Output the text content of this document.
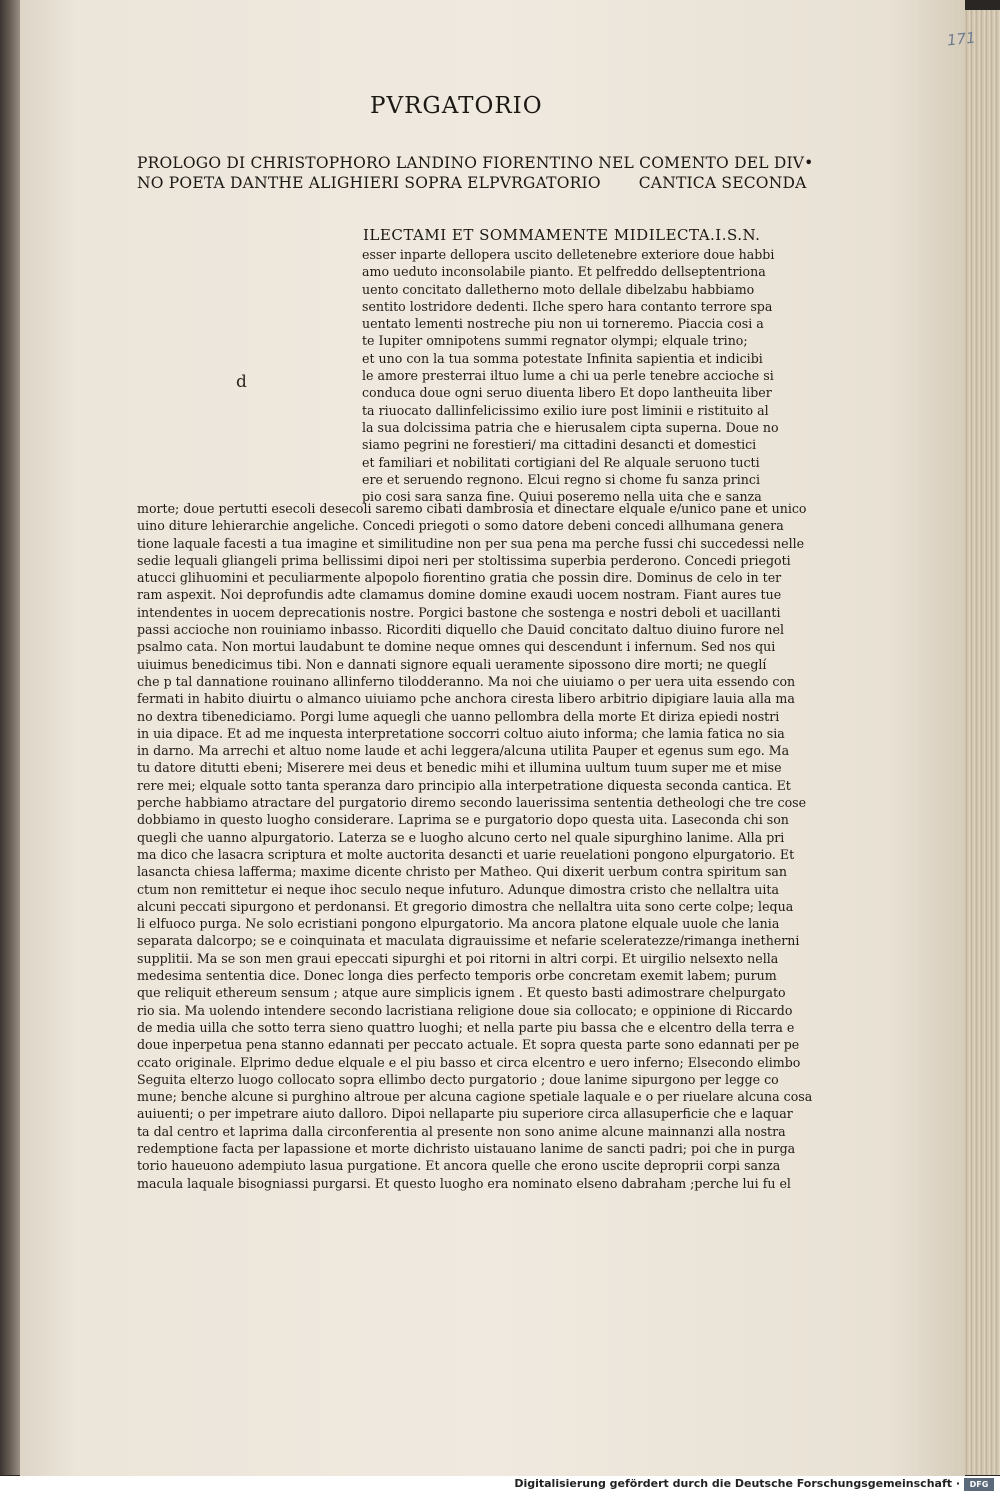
171
PVRGATORIO
PROLOGO DI CHRISTOPHORO LANDINO FIORENTINO NEL COMENTO DEL DIV•
NO POETA DANTHE ALIGHIERI SOPRA ELPVRGATORIO CANTICA SECONDA
d

ILECTAMI ET SOMMAMENTE MIDILECTA.I.S.N.

esser inparte dellopera uscito delletenebre exteriore doue habbi
amo ueduto inconsolabile pianto. Et pelfreddo dellseptentriona
uento concitato dalletherno moto dellale dibelzabu habbiamo
sentito lostridore dedenti. Ilche spero hara contanto terrore spa
uentato lementi nostreche piu non ui torneremo. Piaccia cosi a
te Iupiter omnipotens summi regnator olympi; elquale trino;
et uno con la tua somma potestate Infinita sapientia et indicibi
le amore presterrai iltuo lume a chi ua perle tenebre accioche si
conduca doue ogni seruo diuenta libero Et dopo lantheuita liber
ta riuocato dallinfelicissimo exilio iure post liminii e ristituito al
la sua dolcissima patria che e hierusalem cipta superna. Doue no
siamo pegrini ne forestieri/ ma cittadini desancti et domestici
et familiari et nobilitati cortigiani del Re alquale seruono tucti
ere et seruendo regnono. Elcui regno si chome fu sanza princi
pio cosi sara sanza fine. Quiui poseremo nella uita che e sanza
morte; doue pertutti esecoli desecoli saremo cibati dambrosia et dinectare elquale e/unico pane et unico
uino diture lehierarchie angeliche. Concedi priegoti o somo datore debeni concedi allhumana genera
tione laquale facesti a tua imagine et similitudine non per sua pena ma perche fussi chi succedessi nelle
sedie lequali gliangeli prima bellissimi dipoi neri per stoltissima superbia perderono. Concedi priegoti
atucci glihuomini et peculiarmente alpopolo fiorentino gratia che possin dire. Dominus de celo in ter
ram aspexit. Noi deprofundis adte clamamus domine domine exaudi uocem nostram. Fiant aures tue
intendentes in uocem deprecationis nostre. Porgici bastone che sostenga e nostri deboli et uacillanti
passi accioche non rouiniamo inbasso. Ricorditi diquello che Dauid concitato daltuo diuino furore nel
psalmo cata. Non mortui laudabunt te domine neque omnes qui descendunt i infernum. Sed nos qui
uiuimus benedicimus tibi. Non e dannati signore equali ueramente sipossono dire morti; ne queglí
che p tal dannatione rouinano allinferno tilodderanno. Ma noi che uiuiamo o per uera uita essendo con
fermati in habito diuirtu o almanco uiuiamo pche anchora ciresta libero arbitrio dipigiare lauia alla ma
no dextra tibenediciamo. Porgi lume aquegli che uanno pellombra della morte Et diriza epiedi nostri
in uia dipace. Et ad me inquesta interpretatione soccorri coltuo aiuto informa; che lamia fatica no sia
in darno. Ma arrechi et altuo nome laude et achi leggera/alcuna utilita Pauper et egenus sum ego. Ma
tu datore ditutti ebeni; Miserere mei deus et benedic mihi et illumina uultum tuum super me et mise
rere mei; elquale sotto tanta speranza daro principio alla interpetratione diquesta seconda cantica. Et
perche habbiamo atractare del purgatorio diremo secondo lauerissima sententia detheologi che tre cose
dobbiamo in questo luogho considerare. Laprima se e purgatorio dopo questa uita. Laseconda chi son
quegli che uanno alpurgatorio. Laterza se e luogho alcuno certo nel quale sipurghino lanime. Alla pri
ma dico che lasacra scriptura et molte auctorita desancti et uarie reuelationi pongono elpurgatorio. Et
lasancta chiesa lafferma; maxime dicente christo per Matheo. Qui dixerit uerbum contra spiritum san
ctum non remittetur ei neque ihoc seculo neque infuturo. Adunque dimostra cristo che nellaltra uita
alcuni peccati sipurgono et perdonansi. Et gregorio dimostra che nellaltra uita sono certe colpe; lequa
li elfuoco purga. Ne solo ecristiani pongono elpurgatorio. Ma ancora platone elquale uuole che lania
separata dalcorpo; se e coinquinata et maculata digrauissime et nefarie sceleratezze/rimanga inetherni
supplitii. Ma se son men graui epeccati sipurghi et poi ritorni in altri corpi. Et uirgilio nelsexto nella
medesima sententia dice. Donec longa dies perfecto temporis orbe concretam exemit labem; purum
que reliquit ethereum sensum ; atque aure simplicis ignem . Et questo basti adimostrare chelpurgato
rio sia. Ma uolendo intendere secondo lacristiana religione doue sia collocato; e oppinione di Riccardo
de media uilla che sotto terra sieno quattro luoghi; et nella parte piu bassa che e elcentro della terra e
doue inperpetua pena stanno edannati per peccato actuale. Et sopra questa parte sono edannati per pe
ccato originale. Elprimo dedue elquale e el piu basso et circa elcentro e uero inferno; Elsecondo elimbo
Seguita elterzo luogo collocato sopra ellimbo decto purgatorio ; doue lanime sipurgono per legge co
mune; benche alcune si purghino altroue per alcuna cagione spetiale laquale e o per riuelare alcuna cosa
auiuenti; o per impetrare aiuto dalloro. Dipoi nellaparte piu superiore circa allasuperficie che e laquar
ta dal centro et laprima dalla circonferentia al presente non sono anime alcune mainnanzi alla nostra
redemptione facta per lapassione et morte dichristo uistauano lanime de sancti padri; poi che in purga
torio haueuono adempiuto lasua purgatione. Et ancora quelle che erono uscite deproprii corpi sanza
macula laquale bisogniassi purgarsi. Et questo luogho era nominato elseno dabraham ;perche lui fu el
Digitalisierung gefördert durch die Deutsche Forschungsgemeinschaft ·	DFG
